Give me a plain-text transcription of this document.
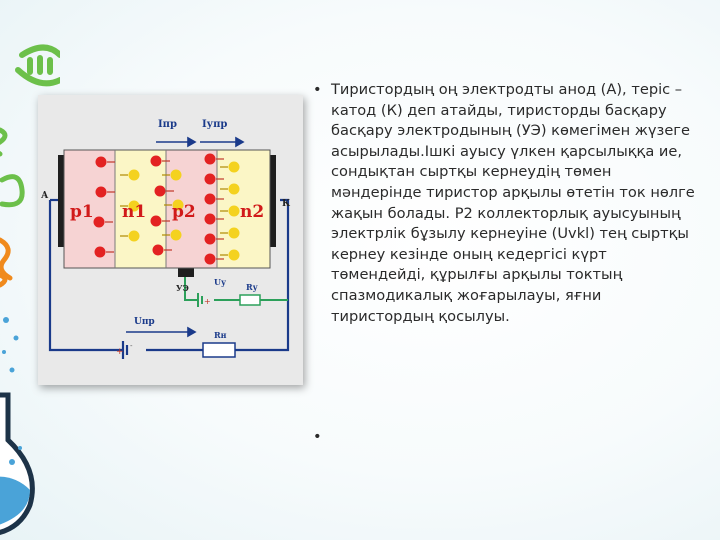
А
К
p1 n1 p2	n2
Iпр	Iупр
УЭ
Uу Rу
+
Uпр
+
-
Rн
• Тиристордың оң электродты анод (А), теріс – катод (К) деп атайды, тиристорды басқару басқару электродының (УЭ) көмегімен жүзеге асырылады.Ішкі ауысу үлкен қарсылыққа ие, сондықтан сыртқы кернеудің төмен мәндерінде тиристор арқылы өтетін ток нөлге жақын болады. Р2 коллекторлық ауысуының электрлік бұзылу кернеуіне (Uvkl) тең сыртқы кернеу кезінде оның кедергісі күрт төмендейді, құрылғы арқылы токтың спазмодикалық жоғарылауы, яғни тиристордың қосылуы.
•
